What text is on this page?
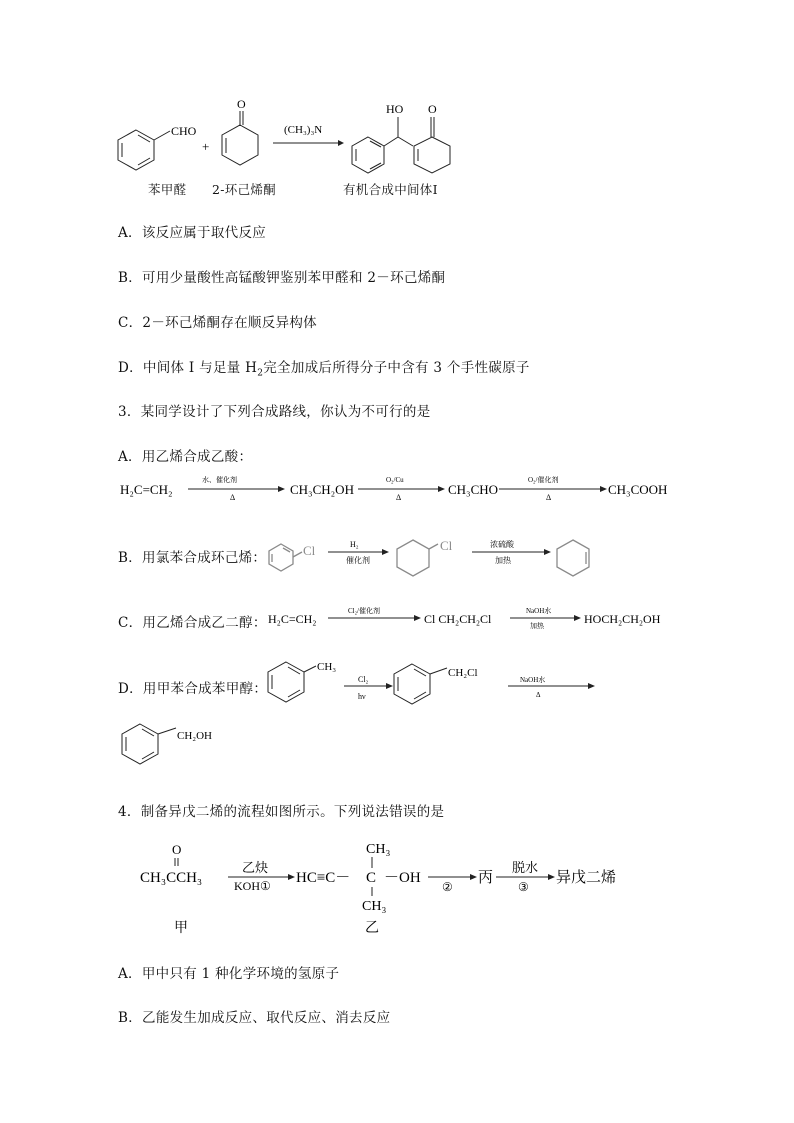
CHO
+
O
(CH₃)₃N
HO O
苯甲醛 2-环己烯酮	有机合成中间体I
A．该反应属于取代反应
B．可用少量酸性高锰酸钾鉴别苯甲醛和 2－环己烯酮
C．2－环己烯酮存在顺反异构体
D．中间体 I 与足量 $H_2$完全加成后所得分子中含有 3 个手性碳原子
3．某同学设计了下列合成路线，你认为不可行的是
A．用乙烯合成乙酸：
H₂C=CH₂
水、催化剂
Δ
CH₃CH₂OH
O₂/Cu
Δ
CH₃CHO
O₂/催化剂
Δ
CH₃COOH
B．用氯苯合成环己烯：	Cl	H₂
催化剂
Cl	浓硫酸
加热
C．用乙烯合成乙二醇： H₂C=CH₂
Cl₂/催化剂
Cl CH₂CH₂Cl
NaOH水
加热	HOCH₂CH₂OH
D．用甲苯合成苯甲醇：
CH₃
Cl₂
hν
CH₂Cl
NaOH水
Δ
CH₂OH
4．制备异戊二烯的流程如图所示。下列说法错误的是
O
CH₃CCH₃
乙炔
KOH① HC≡C－
CH₃
C
CH₃
－OH
②
丙
脱水
③
异戊二烯
甲	乙
A．甲中只有 1 种化学环境的氢原子
B．乙能发生加成反应、取代反应、消去反应
